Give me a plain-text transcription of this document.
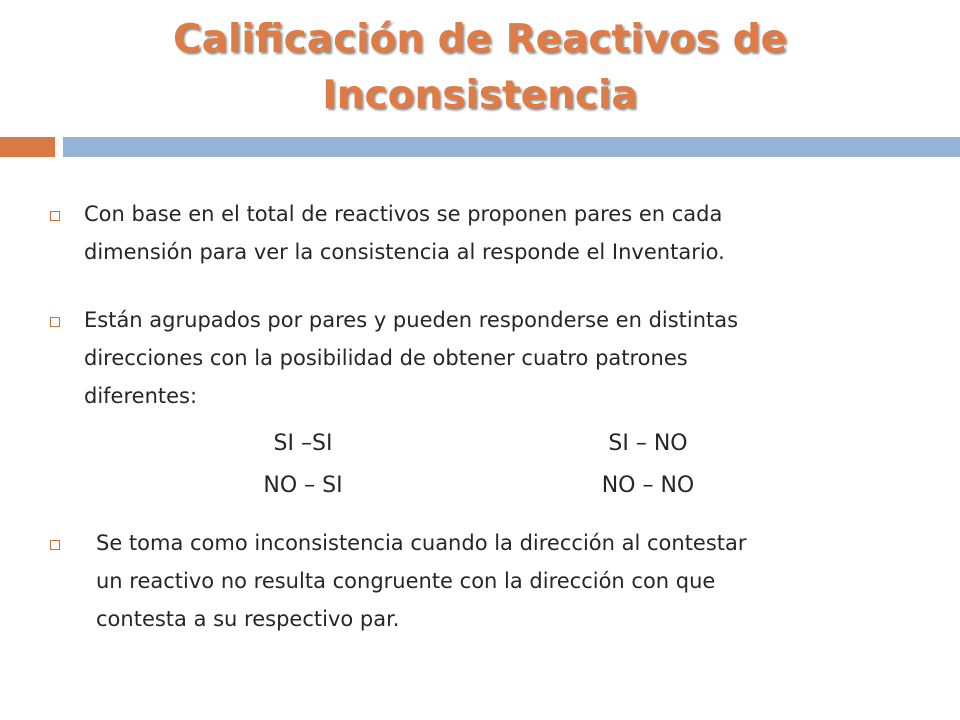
Calificación de Reactivos de
Inconsistencia
Con base en el total de reactivos se proponen pares en cada
dimensión para ver la consistencia al responde el Inventario.
Están agrupados por pares y pueden responderse en distintas
direcciones con la posibilidad de obtener cuatro patrones
diferentes:
SI –SI	SI – NO
NO – SI	NO – NO
Se toma como inconsistencia cuando la dirección al contestar
un reactivo no resulta congruente con la dirección con que
contesta a su respectivo par.
